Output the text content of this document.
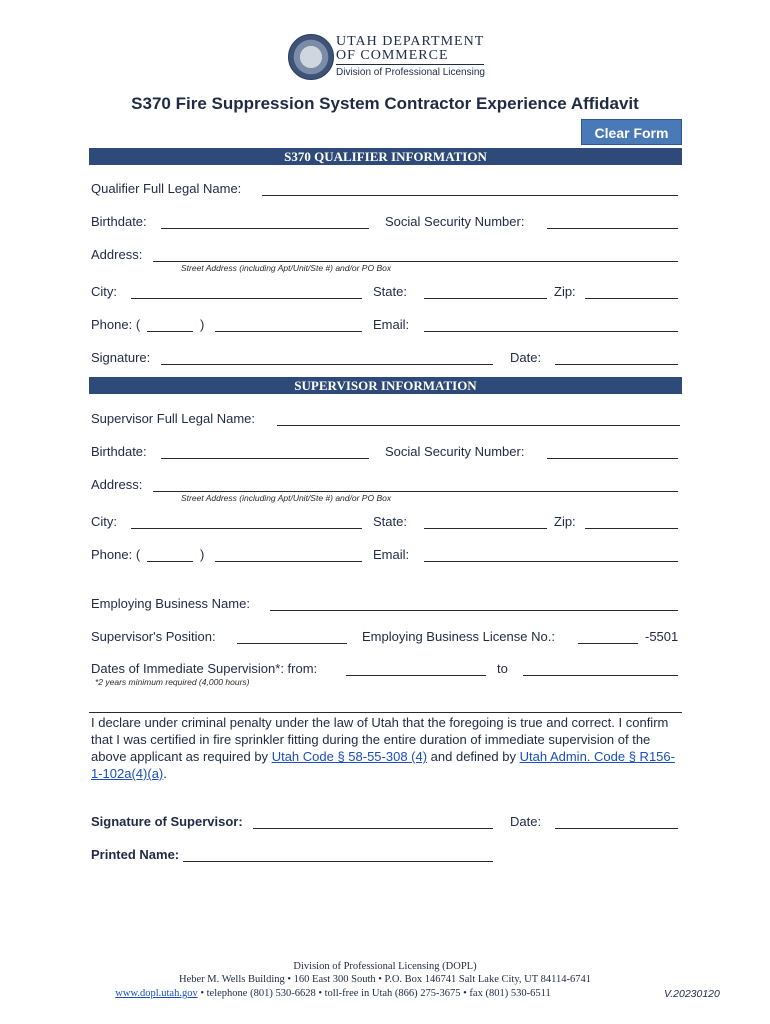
UTAH DEPARTMENT
OF COMMERCE
Division of Professional Licensing
S370 Fire Suppression System Contractor Experience Affidavit
Clear Form
S370 QUALIFIER INFORMATION
Qualifier Full Legal Name:
Birthdate:	Social Security Number:
Address:
Street Address (including Apt/Unit/Ste #) and/or PO Box
City:	State:	Zip:
Phone: (	)	Email:
Signature:	Date:
SUPERVISOR INFORMATION
Supervisor Full Legal Name:
Birthdate:	Social Security Number:
Address:
Street Address (including Apt/Unit/Ste #) and/or PO Box
City:	State:	Zip:
Phone: (	)	Email:
Employing Business Name:
Supervisor's Position:	Employing Business License No.:	-5501
Dates of Immediate Supervision*: from:	to
*2 years minimum required (4,000 hours)
I declare under criminal penalty under the law of Utah that the foregoing is true and correct. I confirm that I was certified in fire sprinkler fitting during the entire duration of immediate supervision of the above applicant as required by Utah Code § 58-55-308 (4) and defined by Utah Admin. Code § R156-1-102a(4)(a).
Signature of Supervisor:	Date:
Printed Name:
Division of Professional Licensing (DOPL)
Heber M. Wells Building • 160 East 300 South • P.O. Box 146741 Salt Lake City, UT 84114-6741
www.dopl.utah.gov • telephone (801) 530-6628 • toll-free in Utah (866) 275-3675 • fax (801) 530-6511	V.20230120
